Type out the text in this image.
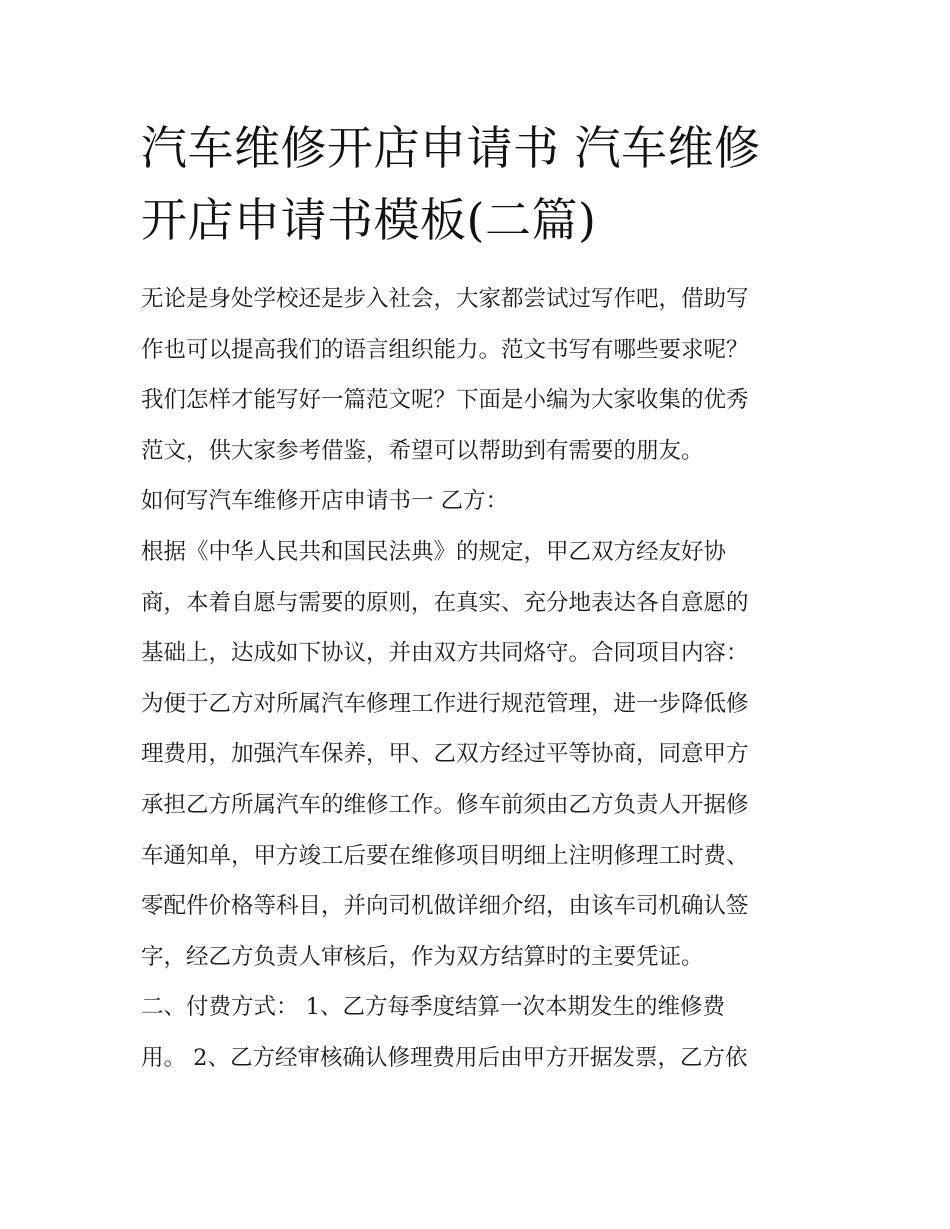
汽车维修开店申请书 汽车维修
开店申请书模板(二篇)

无论是身处学校还是步入社会，大家都尝试过写作吧，借助写
作也可以提高我们的语言组织能力。范文书写有哪些要求呢？
我们怎样才能写好一篇范文呢？下面是小编为大家收集的优秀
范文，供大家参考借鉴，希望可以帮助到有需要的朋友。

如何写汽车维修开店申请书一 乙方：

根据《中华人民共和国民法典》的规定，甲乙双方经友好协
商，本着自愿与需要的原则，在真实、充分地表达各自意愿的
基础上，达成如下协议，并由双方共同烙守。合同项目内容：
为便于乙方对所属汽车修理工作进行规范管理，进一步降低修
理费用，加强汽车保养，甲、乙双方经过平等协商，同意甲方
承担乙方所属汽车的维修工作。修车前须由乙方负责人开据修
车通知单，甲方竣工后要在维修项目明细上注明修理工时费、
零配件价格等科目，并向司机做详细介绍，由该车司机确认签
字，经乙方负责人审核后，作为双方结算时的主要凭证。

二、付费方式： 1、乙方每季度结算一次本期发生的维修费
用。 2、乙方经审核确认修理费用后由甲方开据发票，乙方依
